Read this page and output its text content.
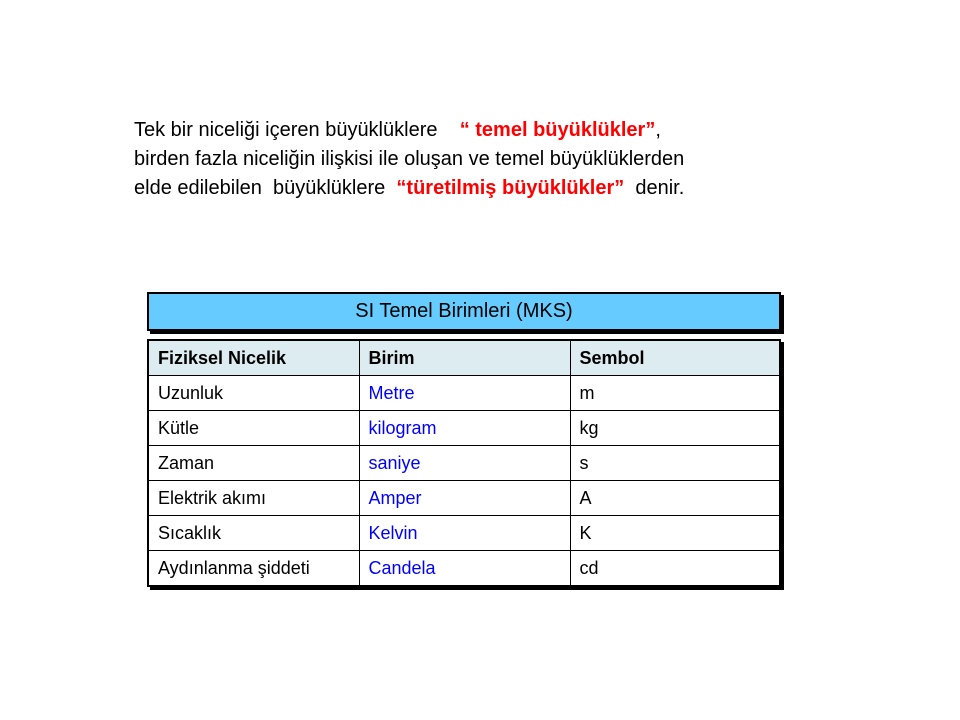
Tek bir niceliği içeren büyüklüklere    “ temel büyüklükler”,
birden fazla niceliğin ilişkisi ile oluşan ve temel büyüklüklerden
elde edilebilen  büyüklüklere  “türetilmiş büyüklükler”  denir.
SI Temel Birimleri (MKS)
Fiziksel Nicelik	Birim	Sembol
Uzunluk	Metre	m
Kütle	kilogram	kg
Zaman	saniye	s
Elektrik akımı	Amper	A
Sıcaklık	Kelvin	K
Aydınlanma şiddeti	Candela	cd
